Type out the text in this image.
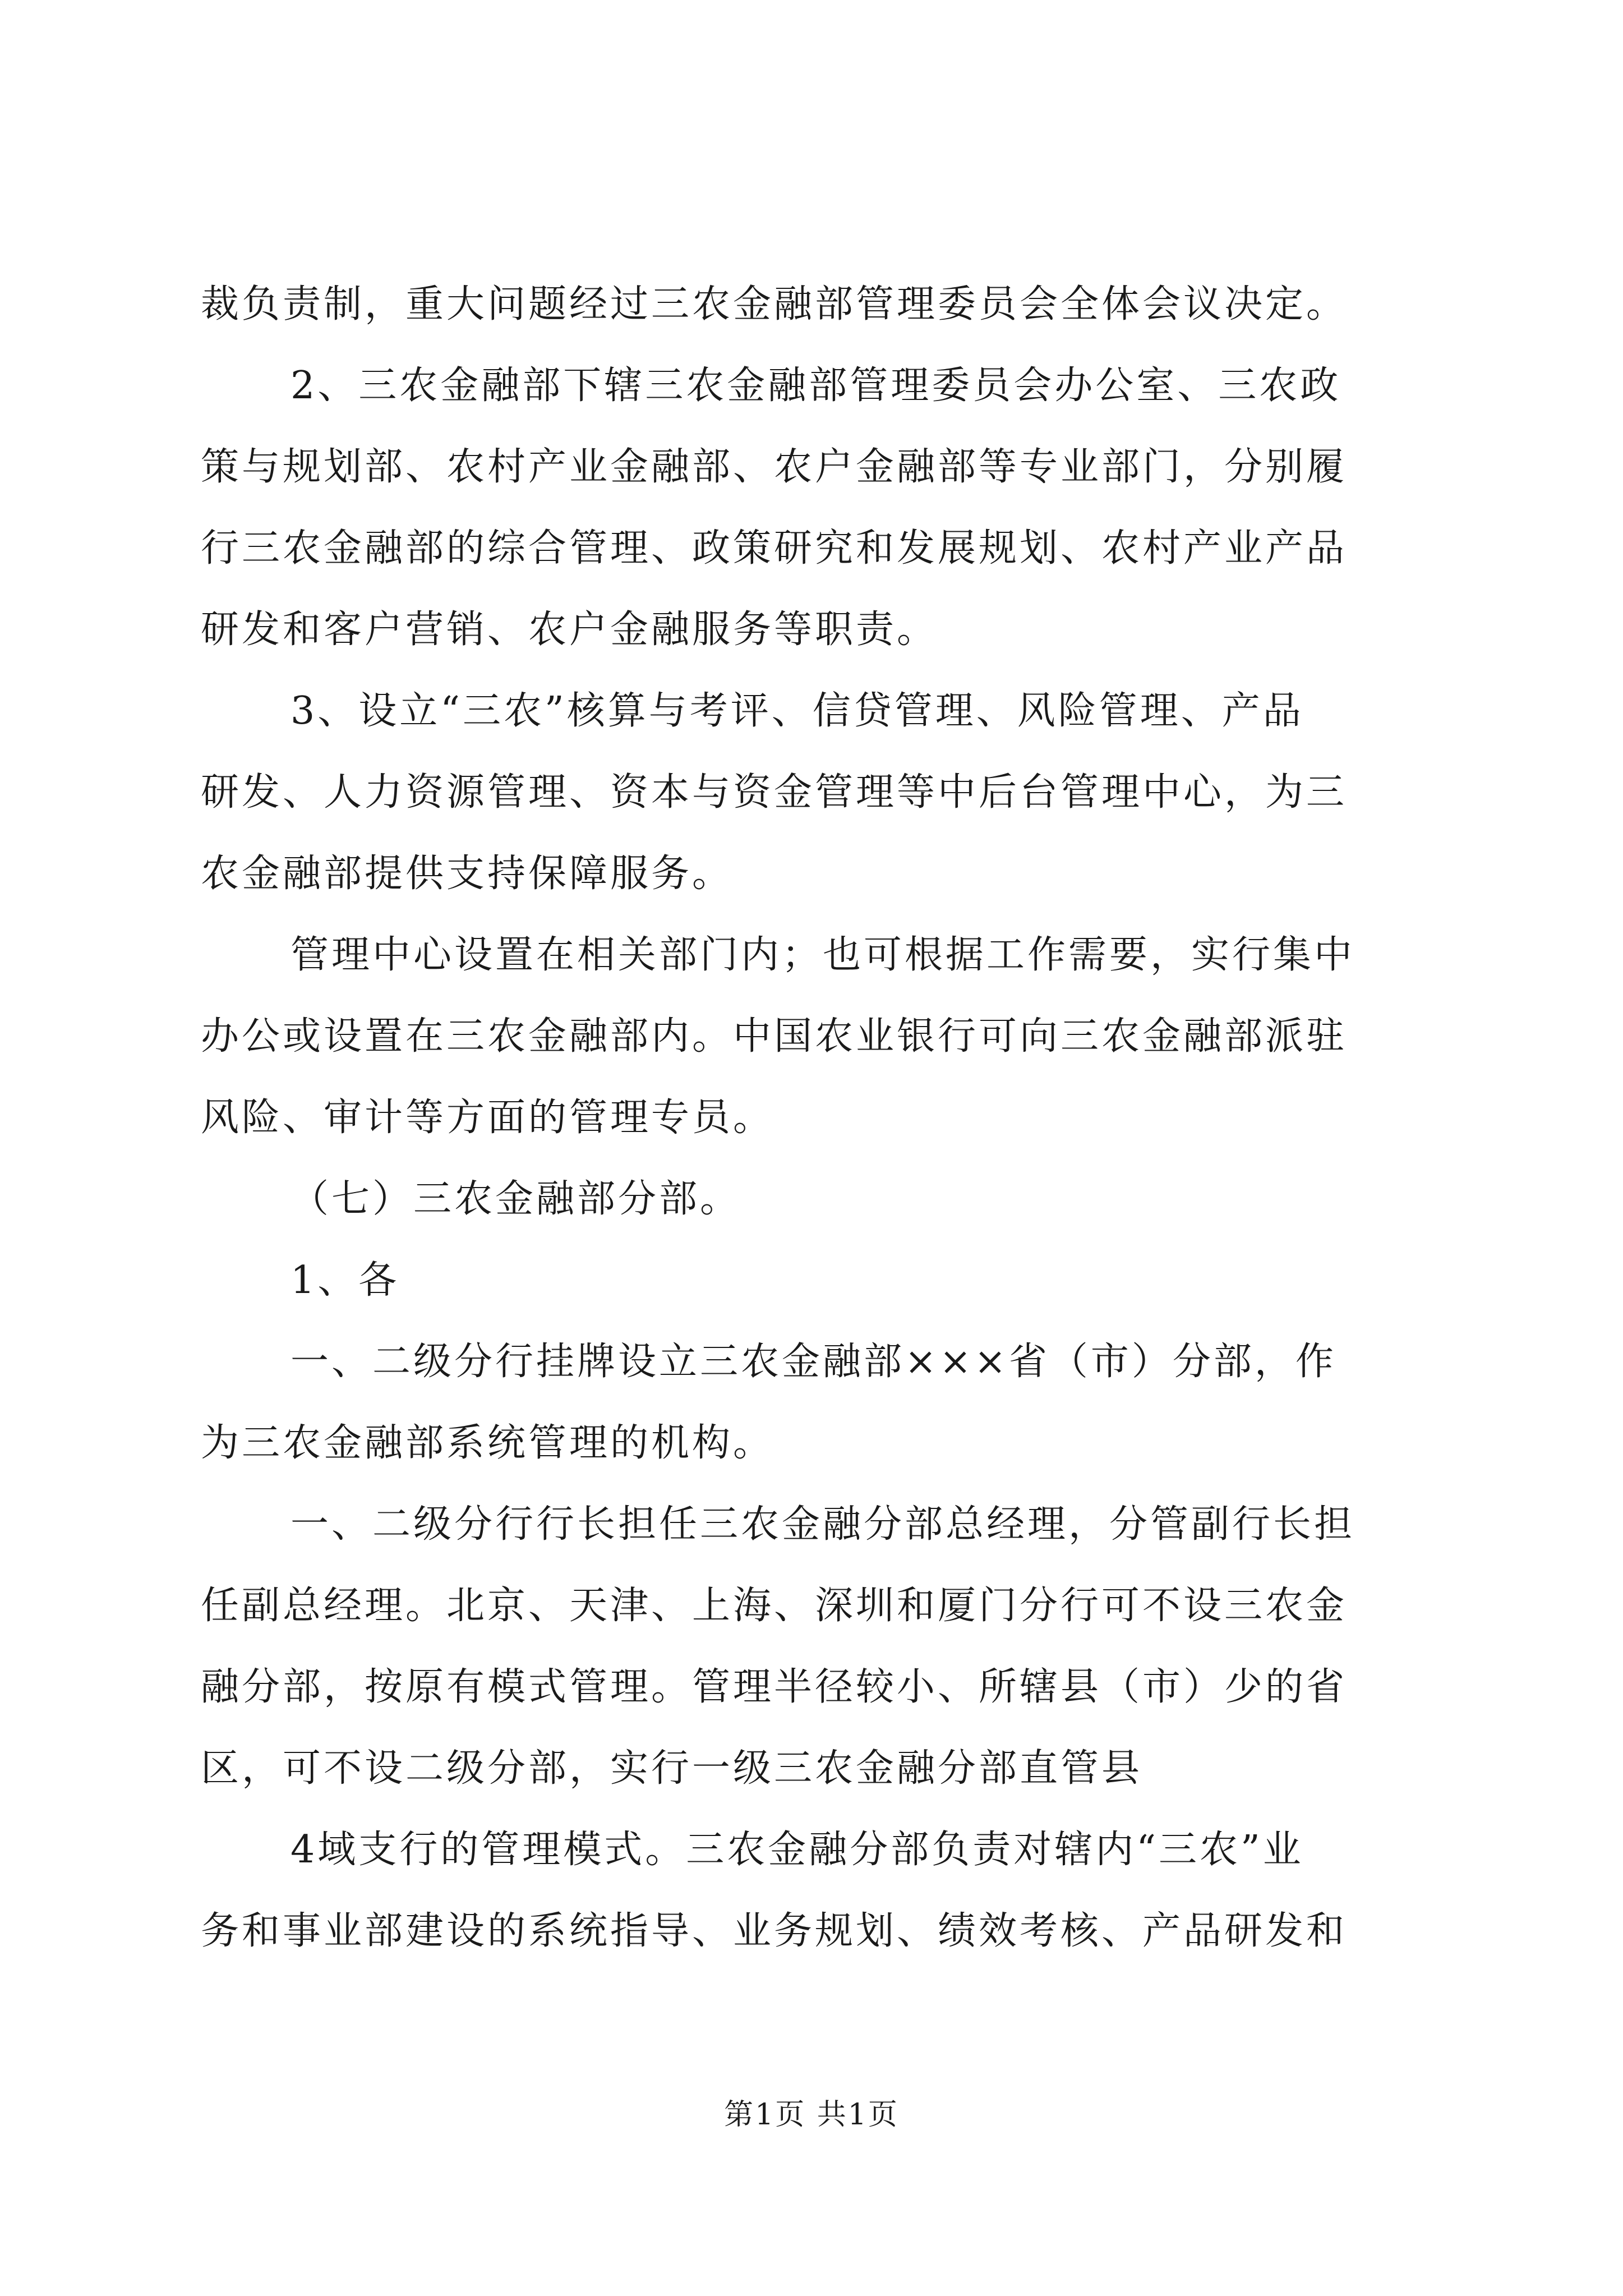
裁负责制，重大问题经过三农金融部管理委员会全体会议决定。
2、三农金融部下辖三农金融部管理委员会办公室、三农政
策与规划部、农村产业金融部、农户金融部等专业部门，分别履
行三农金融部的综合管理、政策研究和发展规划、农村产业产品
研发和客户营销、农户金融服务等职责。
3、设立“三农”核算与考评、信贷管理、风险管理、产品
研发、人力资源管理、资本与资金管理等中后台管理中心，为三
农金融部提供支持保障服务。
管理中心设置在相关部门内；也可根据工作需要，实行集中
办公或设置在三农金融部内。中国农业银行可向三农金融部派驻
风险、审计等方面的管理专员。
（七）三农金融部分部。
1、各
一、二级分行挂牌设立三农金融部×××省（市）分部，作
为三农金融部系统管理的机构。
一、二级分行行长担任三农金融分部总经理，分管副行长担
任副总经理。北京、天津、上海、深圳和厦门分行可不设三农金
融分部，按原有模式管理。管理半径较小、所辖县（市）少的省
区，可不设二级分部，实行一级三农金融分部直管县
4域支行的管理模式。三农金融分部负责对辖内“三农”业
务和事业部建设的系统指导、业务规划、绩效考核、产品研发和
第1页 共1页
